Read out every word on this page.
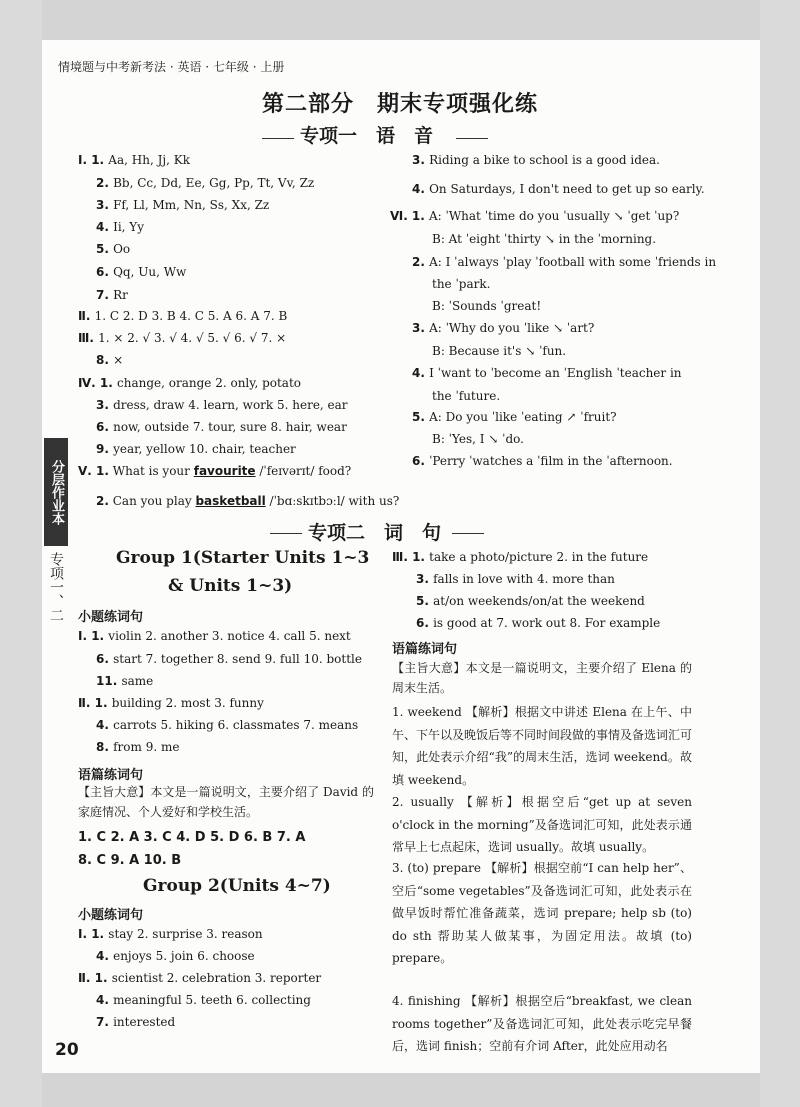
情境题与中考新考法 · 英语 · 七年级 · 上册
第二部分　期末专项强化练
专项一　语　音
分层作业本
专项一、二
Ⅰ. 1. Aa, Hh, Jj, Kk
2. Bb, Cc, Dd, Ee, Gg, Pp, Tt, Vv, Zz
3. Ff, Ll, Mm, Nn, Ss, Xx, Zz
4. Ii, Yy
5. Oo
6. Qq, Uu, Ww
7. Rr
Ⅱ. 1. C 2. D 3. B 4. C 5. A 6. A 7. B
Ⅲ. 1. × 2. √ 3. √ 4. √ 5. √ 6. √ 7. ×
8. ×
Ⅳ. 1. change, orange 2. only, potato
3. dress, draw 4. learn, work 5. here, ear
6. now, outside 7. tour, sure 8. hair, wear
9. year, yellow 10. chair, teacher
Ⅴ. 1. What is your favourite /ˈfeɪvərɪt/ food?
2. Can you play basketball /ˈbɑːskɪtbɔːl/ with us?
3. Riding a bike to school is a good idea.
4. On Saturdays, I don't need to get up so early.
Ⅵ. 1. A: ˈWhat ˈtime do you ˈusually ↘ ˈget ˈup?
B: At ˈeight ˈthirty ↘ in the ˈmorning.
2. A: I ˈalways ˈplay ˈfootball with some ˈfriends in
the ˈpark.
B: ˈSounds ˈgreat!
3. A: ˈWhy do you ˈlike ↘ ˈart?
B: Because it's ↘ ˈfun.
4. I ˈwant to ˈbecome an ˈEnglish ˈteacher in
the ˈfuture.
5. A: Do you ˈlike ˈeating ↗ ˈfruit?
B: ˈYes, I ↘ ˈdo.
6. ˈPerry ˈwatches a ˈfilm in the ˈafternoon.
专项二　词　句
Group 1(Starter Units 1~3
& Units 1~3)
小题练词句
Ⅰ. 1. violin 2. another 3. notice 4. call 5. next
6. start 7. together 8. send 9. full 10. bottle
11. same
Ⅱ. 1. building 2. most 3. funny
4. carrots 5. hiking 6. classmates 7. means
8. from 9. me
语篇练词句
【主旨大意】本文是一篇说明文，主要介绍了 David 的家庭情况、个人爱好和学校生活。
1. C 2. A 3. C 4. D 5. D 6. B 7. A
8. C 9. A 10. B
Group 2(Units 4~7)
小题练词句
Ⅰ. 1. stay 2. surprise 3. reason
4. enjoys 5. join 6. choose
Ⅱ. 1. scientist 2. celebration 3. reporter
4. meaningful 5. teeth 6. collecting
7. interested
Ⅲ. 1. take a photo/picture 2. in the future
3. falls in love with 4. more than
5. at/on weekends/on/at the weekend
6. is good at 7. work out 8. For example
语篇练词句
【主旨大意】本文是一篇说明文，主要介绍了 Elena 的周末生活。
1. weekend 【解析】根据文中讲述 Elena 在上午、中午、下午以及晚饭后等不同时间段做的事情及备选词汇可知，此处表示介绍“我”的周末生活，选词 weekend。故填 weekend。
2. usually 【解析】根据空后“get up at seven o'clock in the morning”及备选词汇可知，此处表示通常早上七点起床，选词 usually。故填 usually。
3. (to) prepare 【解析】根据空前“I can help her”、空后“some vegetables”及备选词汇可知，此处表示在做早饭时帮忙准备蔬菜，选词 prepare; help sb (to) do sth 帮助某人做某事，为固定用法。故填 (to) prepare。
4. finishing 【解析】根据空后“breakfast, we clean rooms together”及备选词汇可知，此处表示吃完早餐后，选词 finish；空前有介词 After，此处应用动名
20
